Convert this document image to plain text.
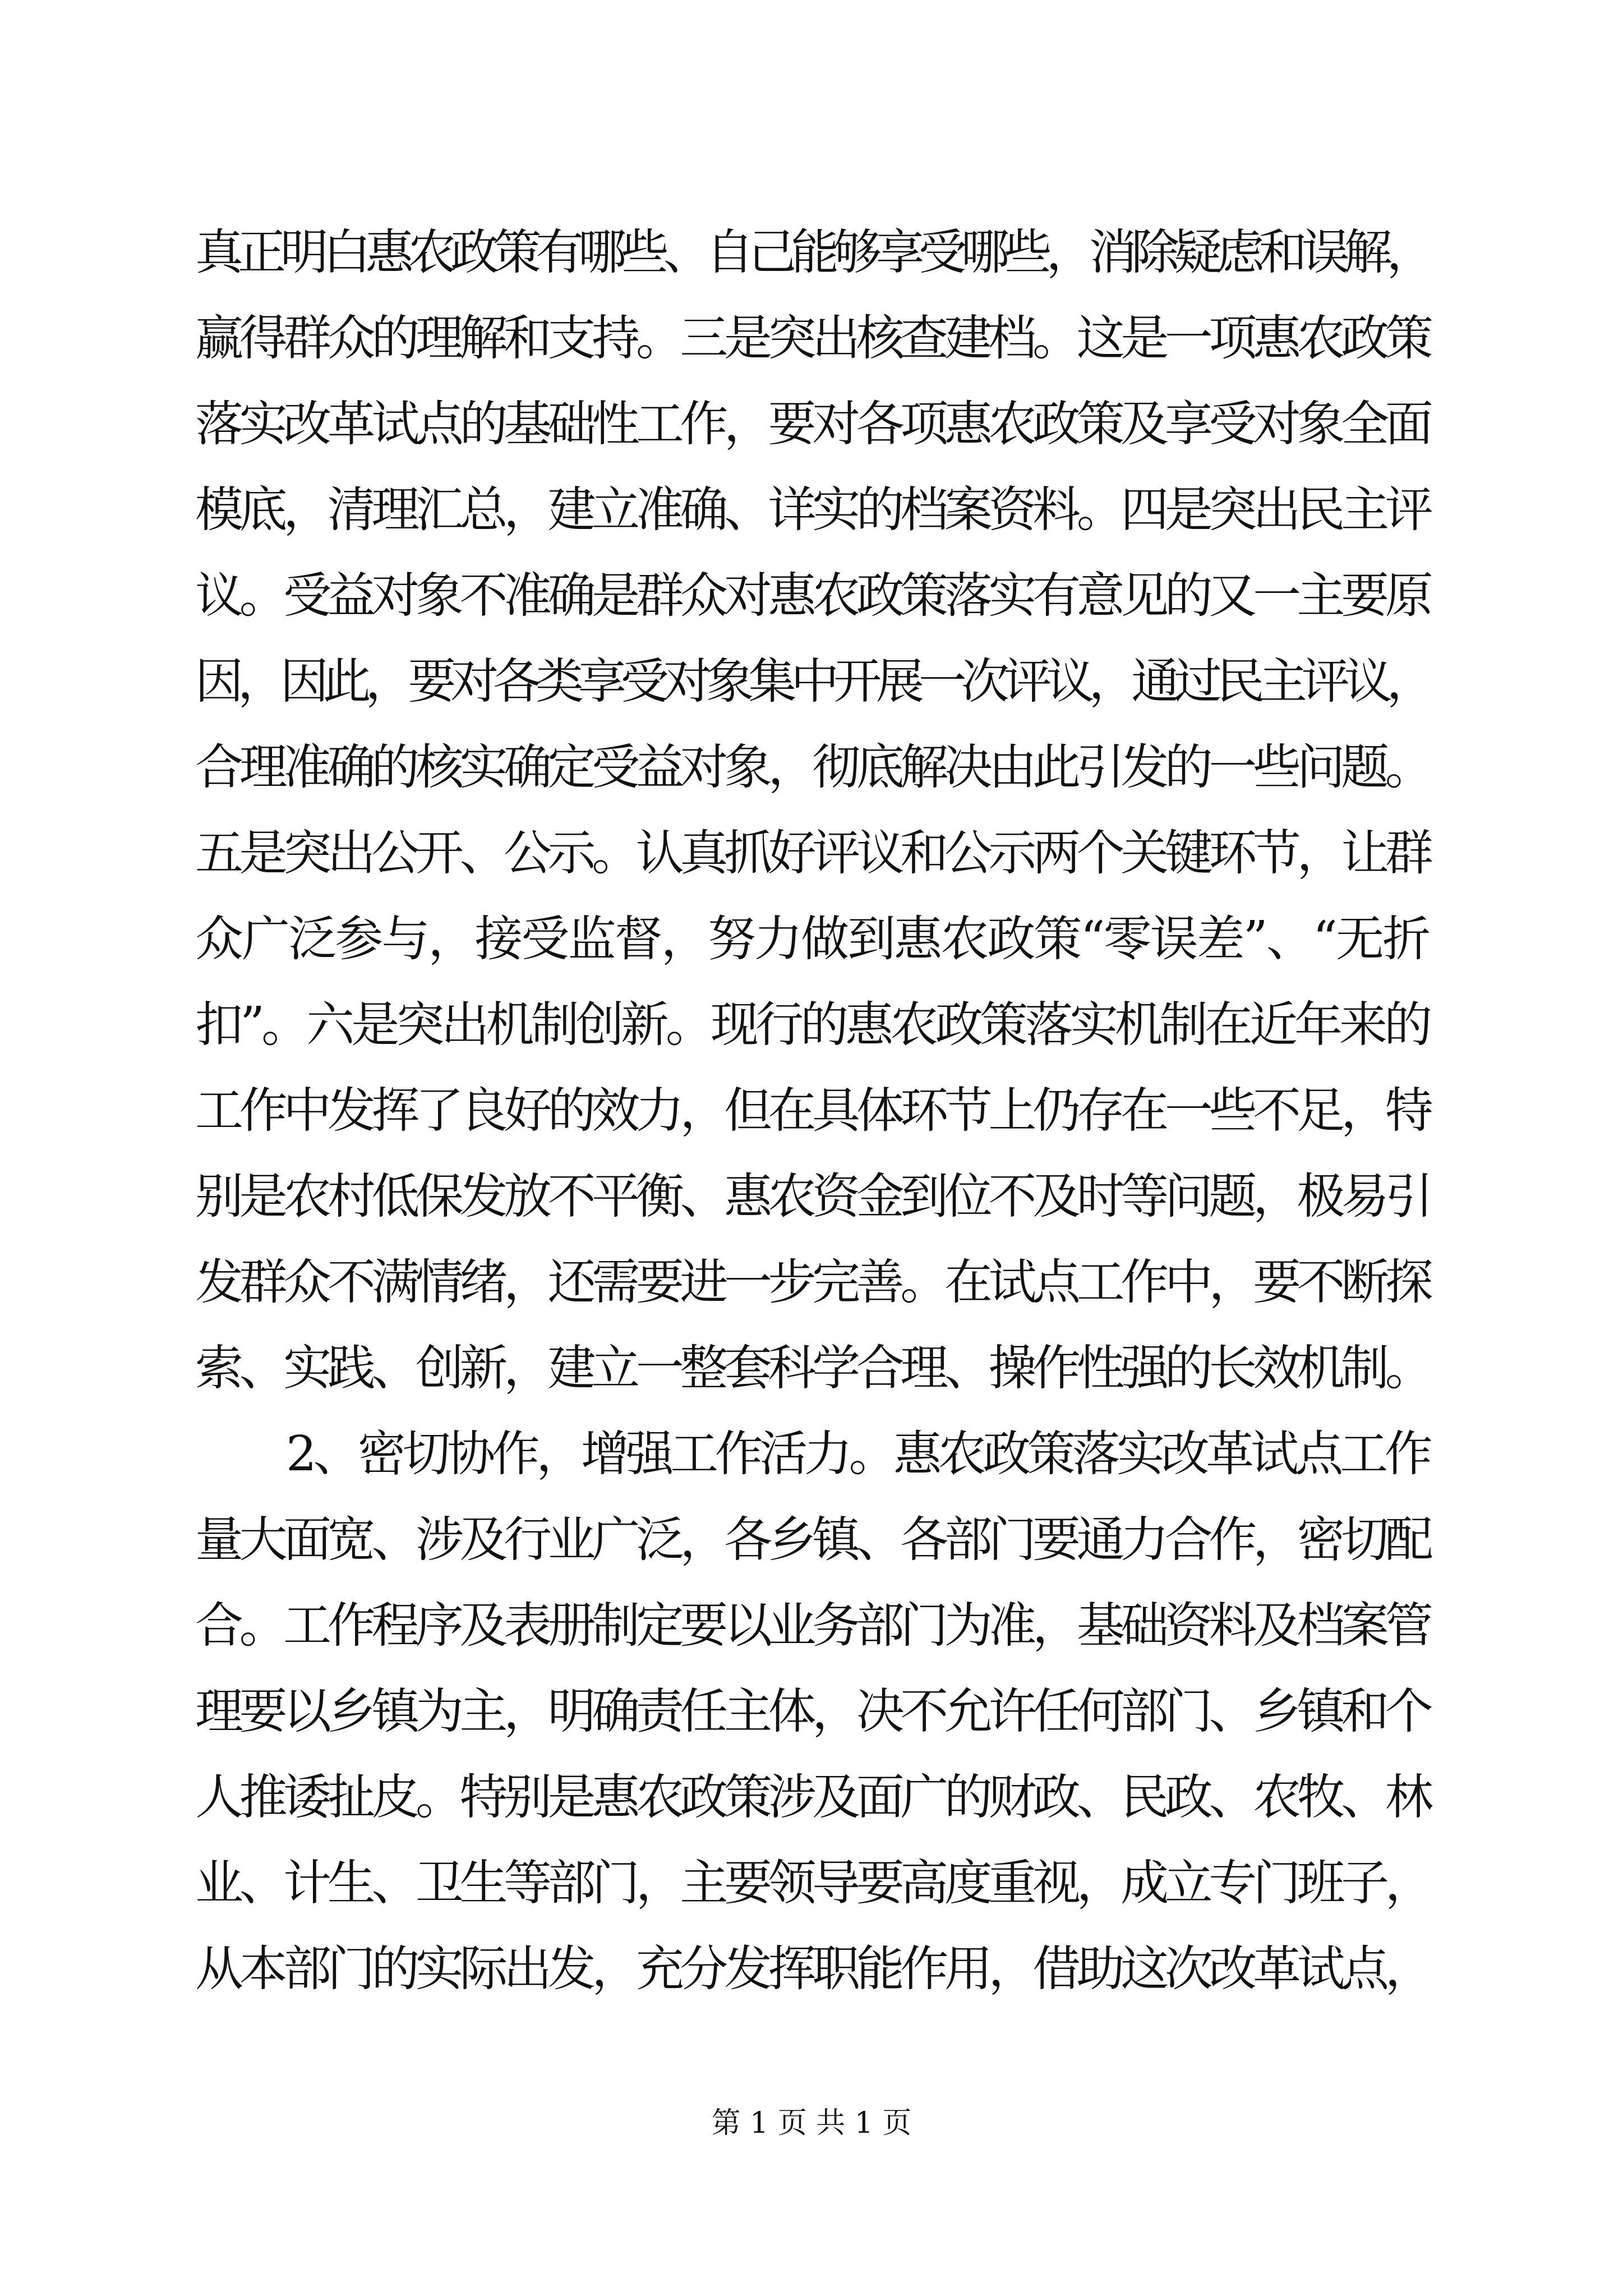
真正明白惠农政策有哪些、自己能够享受哪些，消除疑虑和误解，
赢得群众的理解和支持。三是突出核查建档。这是一项惠农政策
落实改革试点的基础性工作，要对各项惠农政策及享受对象全面
模底，清理汇总，建立准确、详实的档案资料。四是突出民主评
议。受益对象不准确是群众对惠农政策落实有意见的又一主要原
因，因此，要对各类享受对象集中开展一次评议，通过民主评议，
合理准确的核实确定受益对象，彻底解决由此引发的一些问题。
五是突出公开、公示。认真抓好评议和公示两个关键环节，让群
众广泛参与，接受监督，努力做到惠农政策“零误差”、“无折
扣”。六是突出机制创新。现行的惠农政策落实机制在近年来的
工作中发挥了良好的效力，但在具体环节上仍存在一些不足，特
别是农村低保发放不平衡、惠农资金到位不及时等问题，极易引
发群众不满情绪，还需要进一步完善。在试点工作中，要不断探
索、实践、创新，建立一整套科学合理、操作性强的长效机制。
2、密切协作，增强工作活力。惠农政策落实改革试点工作
量大面宽、涉及行业广泛，各乡镇、各部门要通力合作，密切配
合。工作程序及表册制定要以业务部门为准，基础资料及档案管
理要以乡镇为主，明确责任主体，决不允许任何部门、乡镇和个
人推诿扯皮。特别是惠农政策涉及面广的财政、民政、农牧、林
业、计生、卫生等部门，主要领导要高度重视，成立专门班子，
从本部门的实际出发，充分发挥职能作用，借助这次改革试点，
第 1 页 共 1 页
